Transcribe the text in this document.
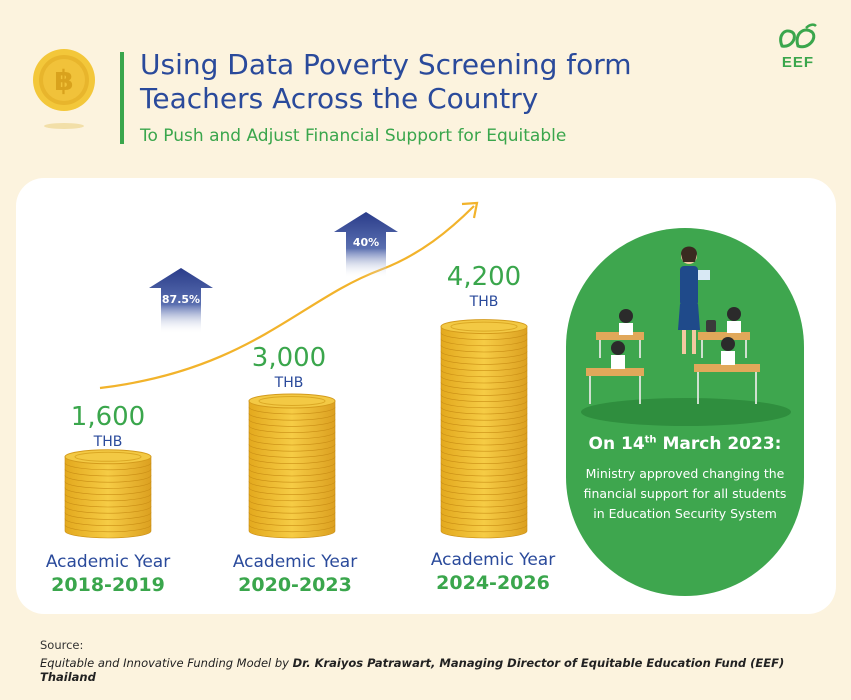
฿ Using Data Poverty Screening form Teachers Across the Country
To Push and Adjust Financial Support for Equitable
EEF
87.5%
40%
1,600
THB
3,000
THB
4,200
THB
Academic Year
2018-2019
Academic Year
2020-2023
Academic Year
2024-2026
On 14th March 2023:
Ministry approved changing the financial support for all students in Education Security System
Source:
Equitable and Innovative Funding Model by Dr. Kraiyos Patrawart, Managing Director of Equitable Education Fund (EEF) Thailand
